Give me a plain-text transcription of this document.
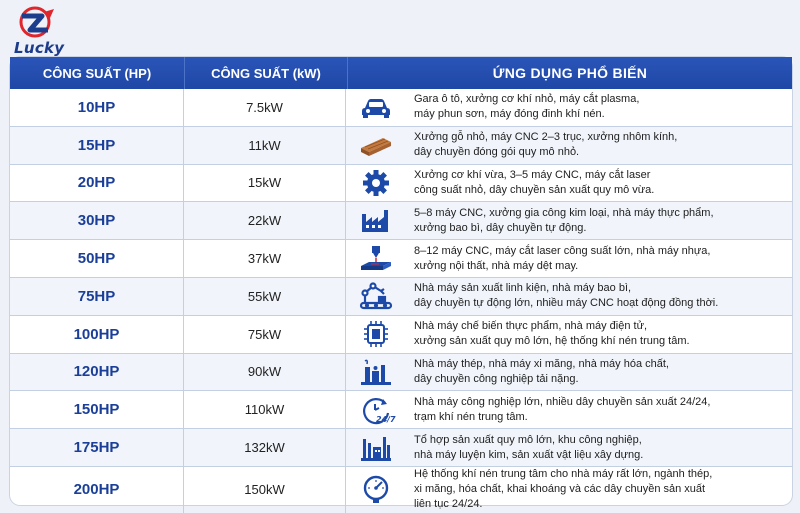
Lucky
CÔNG SUẤT (HP)	CÔNG SUẤT (kW)	ỨNG DỤNG PHỔ BIẾN
10HP	7.5kW
Gara ô tô, xưởng cơ khí nhỏ, máy cắt plasma,
máy phun sơn, máy đóng đinh khí nén.
15HP	11kW
Xưởng gỗ nhỏ, máy CNC 2–3 trục, xưởng nhôm kính,
dây chuyền đóng gói quy mô nhỏ.
20HP	15kW
Xưởng cơ khí vừa, 3–5 máy CNC, máy cắt laser
công suất nhỏ, dây chuyền sản xuất quy mô vừa.
30HP	22kW
5–8 máy CNC, xưởng gia công kim loại, nhà máy thực phẩm,
xưởng bao bì, dây chuyền tự động.
50HP	37kW
8–12 máy CNC, máy cắt laser công suất lớn, nhà máy nhựa,
xưởng nội thất, nhà máy dệt may.
75HP	55kW
Nhà máy sản xuất linh kiện, nhà máy bao bì,
dây chuyền tự động lớn, nhiều máy CNC hoạt động đồng thời.
100HP	75kW
Nhà máy chế biến thực phẩm, nhà máy điện tử,
xưởng sản xuất quy mô lớn, hệ thống khí nén trung tâm.
120HP	90kW
Nhà máy thép, nhà máy xi măng, nhà máy hóa chất,
dây chuyền công nghiệp tải nặng.
150HP	110kW
24/7
Nhà máy công nghiệp lớn, nhiều dây chuyền sản xuất 24/24,
trạm khí nén trung tâm.
175HP	132kW
Tổ hợp sản xuất quy mô lớn, khu công nghiệp,
nhà máy luyện kim, sản xuất vật liệu xây dựng.
200HP	150kW
Hệ thống khí nén trung tâm cho nhà máy rất lớn, ngành thép,
xi măng, hóa chất, khai khoáng và các dây chuyền sản xuất
liên tục 24/24.
